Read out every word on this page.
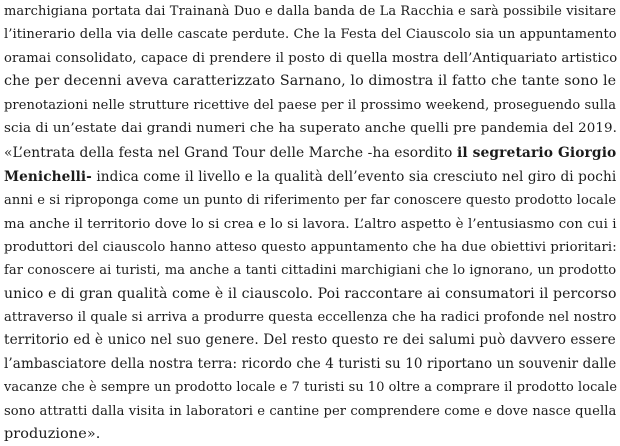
marchigiana portata dai Trainanà Duo e dalla banda de La Racchia e sarà possibile visitare
l’itinerario della via delle cascate perdute. Che la Festa del Ciauscolo sia un appuntamento
oramai consolidato, capace di prendere il posto di quella mostra dell’Antiquariato artistico
che per decenni aveva caratterizzato Sarnano, lo dimostra il fatto che tante sono le
prenotazioni nelle strutture ricettive del paese per il prossimo weekend, proseguendo sulla
scia di un’estate dai grandi numeri che ha superato anche quelli pre pandemia del 2019.
«L’entrata della festa nel Grand Tour delle Marche -ha esordito il segretario Giorgio
Menichelli- indica come il livello e la qualità dell’evento sia cresciuto nel giro di pochi
anni e si riproponga come un punto di riferimento per far conoscere questo prodotto locale
ma anche il territorio dove lo si crea e lo si lavora. L’altro aspetto è l’entusiasmo con cui i
produttori del ciauscolo hanno atteso questo appuntamento che ha due obiettivi prioritari:
far conoscere ai turisti, ma anche a tanti cittadini marchigiani che lo ignorano, un prodotto
unico e di gran qualità come è il ciauscolo. Poi raccontare ai consumatori il percorso
attraverso il quale si arriva a produrre questa eccellenza che ha radici profonde nel nostro
territorio ed è unico nel suo genere. Del resto questo re dei salumi può davvero essere
l’ambasciatore della nostra terra: ricordo che 4 turisti su 10 riportano un souvenir dalle
vacanze che è sempre un prodotto locale e 7 turisti su 10 oltre a comprare il prodotto locale
sono attratti dalla visita in laboratori e cantine per comprendere come e dove nasce quella
produzione».
